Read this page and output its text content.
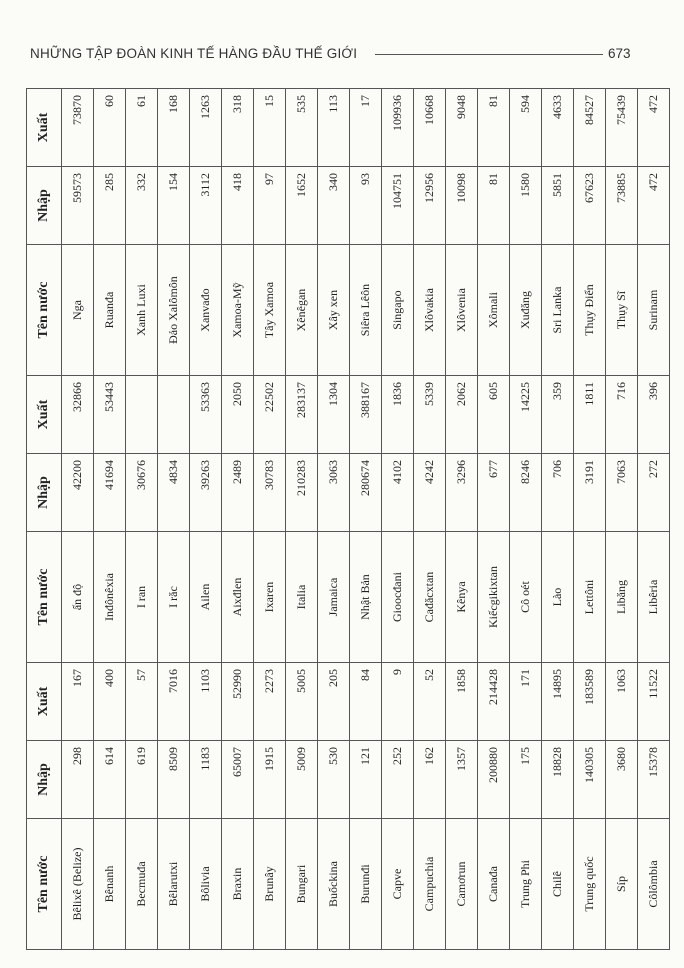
NHỮNG TẬP ĐOÀN KINH TẾ HÀNG ĐẦU THẾ GIỚI	673
Tên nước	Nhập	Xuất	Tên nước	Nhập	Xuất	Tên nước	Nhập	Xuất
Bêlixê (Belize)	298	167	ấn độ	42200	32866	Nga	59573	73870
Bênanh	614	400	Inđônêxia	41694	53443	Ruanđa	285	60
Becmuđa	619	57	I ran	30676		Xanh Luxi	332	61
Bêlarutxi	8509	7016	I răc	4834		Đảo Xalômôn	154	168
Bôlivia	1183	1103	Ailen	39263	53363	Xanvađo	3112	1263
Braxin	65007	52990	Aixđlen	2489	2050	Xamoa-Mỹ	418	318
Brunây	1915	2273	Ixaren	30783	22502	Tây Xamoa	97	15
Bungari	5009	5005	Italia	210283	283137	Xênêgan	1652	535
Buốckina	530	205	Jamaica	3063	1304	Xây xen	340	113
Burunđi	121	84	Nhật Bản	280674	388167	Siêra Lêôn	93	17
Capve	252	9	Gioocđani	4102	1836	Singapo	104751	109936
Campuchia	162	52	Cađăcxtan	4242	5339	Xlôvakia	12956	10668
Camơrun	1357	1858	Kênya	3296	2062	Xlôvenia	10098	9048
Canađa	200880	214428	Kiếcgikixtan	677	605	Xômali	81	81
Trung Phi	175	171	Cô oét	8246	14225	Xuđăng	1580	594
Chilê	18828	14895	Lào	706	359	Sri Lanka	5851	4633
Trung quốc	140305	183589	Lettôni	3191	1811	Thụy Điển	67623	84527
Síp	3680	1063	Libăng	7063	716	Thụy Sĩ	73885	75439
Côlômbia	15378	11522	Libêria	272	396	Surinam	472	472
